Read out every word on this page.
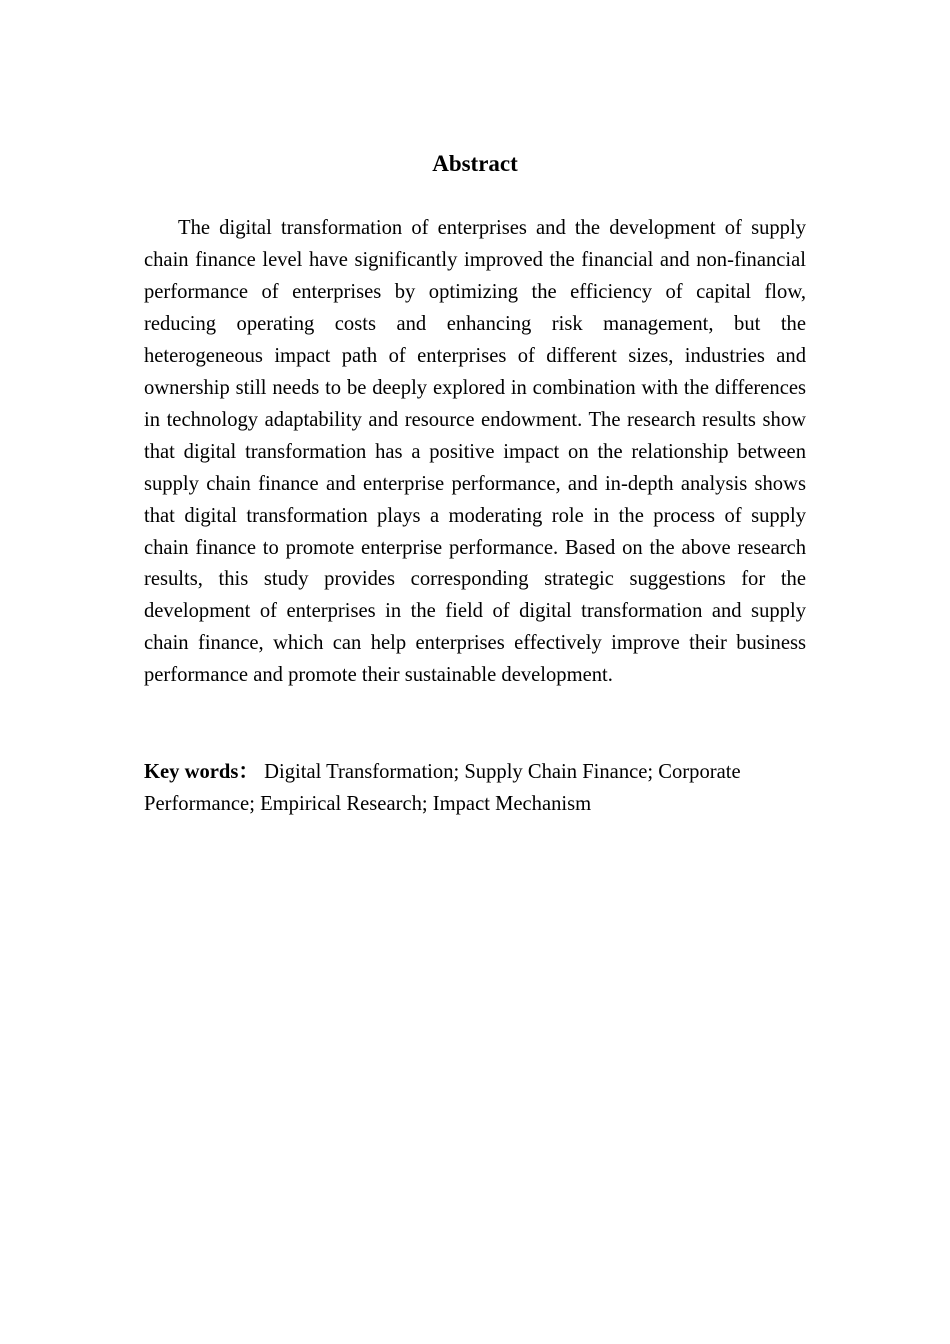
Abstract

The digital transformation of enterprises and the development of supply chain finance level have significantly improved the financial and non-financial performance of enterprises by optimizing the efficiency of capital flow, reducing operating costs and enhancing risk management, but the heterogeneous impact path of enterprises of different sizes, industries and ownership still needs to be deeply explored in combination with the differences in technology adaptability and resource endowment. The research results show that digital transformation has a positive impact on the relationship between supply chain finance and enterprise performance, and in-depth analysis shows that digital transformation plays a moderating role in the process of supply chain finance to promote enterprise performance. Based on the above research results, this study provides corresponding strategic suggestions for the development of enterprises in the field of digital transformation and supply chain finance, which can help enterprises effectively improve their business performance and promote their sustainable development.

Key words： Digital Transformation; Supply Chain Finance; Corporate Performance; Empirical Research; Impact Mechanism
